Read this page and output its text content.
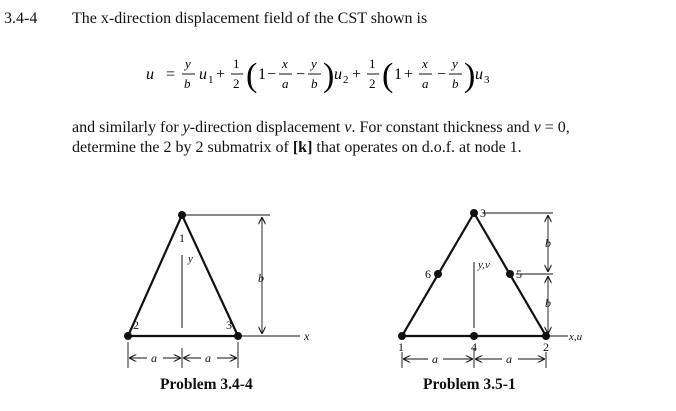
3.4-4 The x-direction displacement field of the CST shown is
u =
y
b
u 1 +
1
2 ( 1 −
x
a
−
y
b ) u 2 +
1
2 ( 1 +
x
a
−
y
b ) u 3
and similarly for y-direction displacement v. For constant thickness and ν = 0,
determine the 2 by 2 submatrix of [k] that operates on d.o.f. at node 1.
1
2	3
y
b
x
a	a
Problem 3.4-4
3
1	2
4
5
6
y,v
x,u
b
b
a	a
Problem 3.5-1
